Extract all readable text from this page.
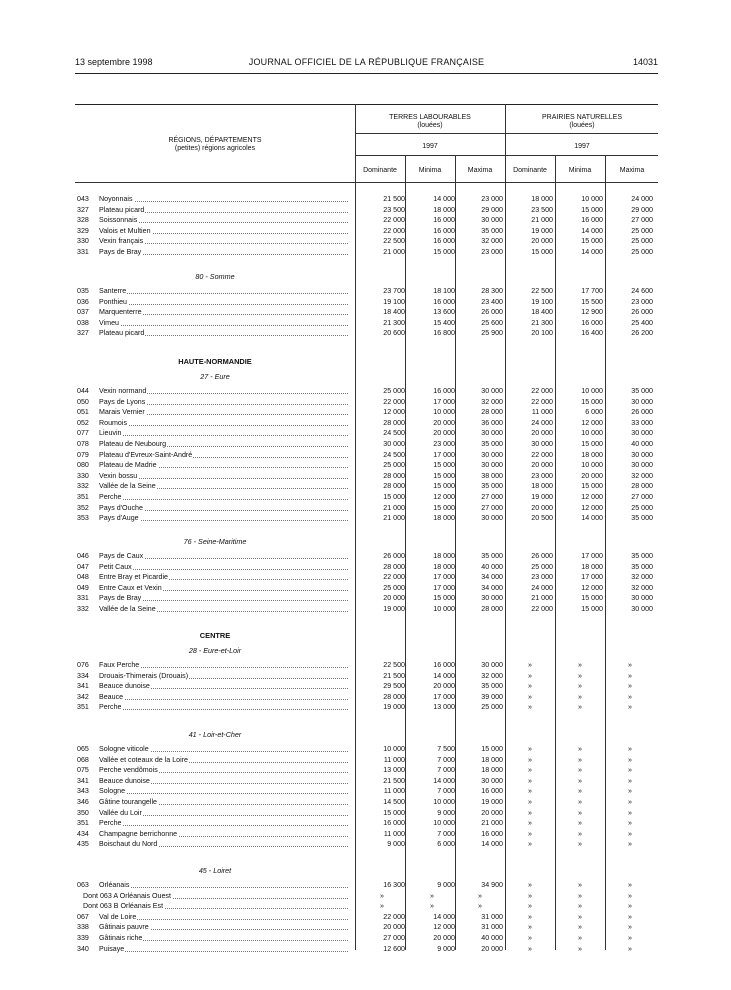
13 septembre 1998	JOURNAL OFFICIEL DE LA RÉPUBLIQUE FRANÇAISE	14031
RÉGIONS, DÉPARTEMENTS
(petites) régions agricoles
TERRES LABOURABLES
(louées)
PRAIRIES NATURELLES
(louées)
1997	1997
Dominante	Minima	Maxima	Dominante	Minima	Maxima
043	Noyonnais	21 500	14 000	23 000	18 000	10 000	24 000
327	Plateau picard	23 500	18 000	29 000	23 500	15 000	29 000
328	Soissonnais	22 000	16 000	30 000	21 000	16 000	27 000
329	Valois et Multien	22 000	16 000	35 000	19 000	14 000	25 000
330	Vexin français	22 500	16 000	32 000	20 000	15 000	25 000
331	Pays de Bray	21 000	15 000	23 000	15 000	14 000	25 000
80 - Somme
035	Santerre	23 700	18 100	28 300	22 500	17 700	24 600
036	Ponthieu	19 100	16 000	23 400	19 100	15 500	23 000
037	Marquenterre	18 400	13 600	26 000	18 400	12 900	26 000
038	Vimeu	21 300	15 400	25 600	21 300	16 000	25 400
327	Plateau picard	20 600	16 800	25 900	20 100	16 400	26 200
HAUTE-NORMANDIE
27 - Eure
044	Vexin normand	25 000	16 000	30 000	22 000	10 000	35 000
050	Pays de Lyons	22 000	17 000	32 000	22 000	15 000	30 000
051	Marais Vernier	12 000	10 000	28 000	11 000	6 000	26 000
052	Roumois	28 000	20 000	36 000	24 000	12 000	33 000
077	Lieuvin	24 500	20 000	30 000	20 000	10 000	30 000
078	Plateau de Neubourg	30 000	23 000	35 000	30 000	15 000	40 000
079	Plateau d'Evreux-Saint-André	24 500	17 000	30 000	22 000	18 000	30 000
080	Plateau de Madrie	25 000	15 000	30 000	20 000	10 000	30 000
330	Vexin bossu	28 000	15 000	38 000	23 000	20 000	32 000
332	Vallée de la Seine	28 000	15 000	35 000	18 000	15 000	28 000
351	Perche	15 000	12 000	27 000	19 000	12 000	27 000
352	Pays d'Ouche	21 000	15 000	27 000	20 000	12 000	25 000
353	Pays d'Auge	21 000	18 000	30 000	20 500	14 000	35 000
76 - Seine-Maritime
046	Pays de Caux	26 000	18 000	35 000	26 000	17 000	35 000
047	Petit Caux	28 000	18 000	40 000	25 000	18 000	35 000
048	Entre Bray et Picardie	22 000	17 000	34 000	23 000	17 000	32 000
049	Entre Caux et Vexin	25 000	17 000	34 000	24 000	12 000	32 000
331	Pays de Bray	20 000	15 000	30 000	21 000	15 000	30 000
332	Vallée de la Seine	19 000	10 000	28 000	22 000	15 000	30 000
CENTRE
28 - Eure-et-Loir
076	Faux Perche	22 500	16 000	30 000	»	»	»
334	Drouais-Thimerais (Drouais)	21 500	14 000	32 000	»	»	»
341	Beauce dunoise	29 500	20 000	35 000	»	»	»
342	Beauce	28 000	17 000	39 000	»	»	»
351	Perche	19 000	13 000	25 000	»	»	»
41 - Loir-et-Cher
065	Sologne viticole	10 000	7 500	15 000	»	»	»
068	Vallée et coteaux de la Loire	11 000	7 000	18 000	»	»	»
075	Perche vendômois	13 000	7 000	18 000	»	»	»
341	Beauce dunoise	21 500	14 000	30 000	»	»	»
343	Sologne	11 000	7 000	16 000	»	»	»
346	Gâtine tourangelle	14 500	10 000	19 000	»	»	»
350	Vallée du Loir	15 000	9 000	20 000	»	»	»
351	Perche	16 000	10 000	21 000	»	»	»
434	Champagne berrichonne	11 000	7 000	16 000	»	»	»
435	Boischaut du Nord	9 000	6 000	14 000	»	»	»
45 - Loiret
063	Orléanais	16 300	9 000	34 900	»	»	»
Dont 063 A Orléanais Ouest	»	»	»	»	»	»
Dont 063 B Orléanais Est	»	»	»	»	»	»
067	Val de Loire	22 000	14 000	31 000	»	»	»
338	Gâtinais pauvre	20 000	12 000	31 000	»	»	»
339	Gâtinais riche	27 000	20 000	40 000	»	»	»
340	Puisaye	12 600	9 000	20 000	»	»	»
